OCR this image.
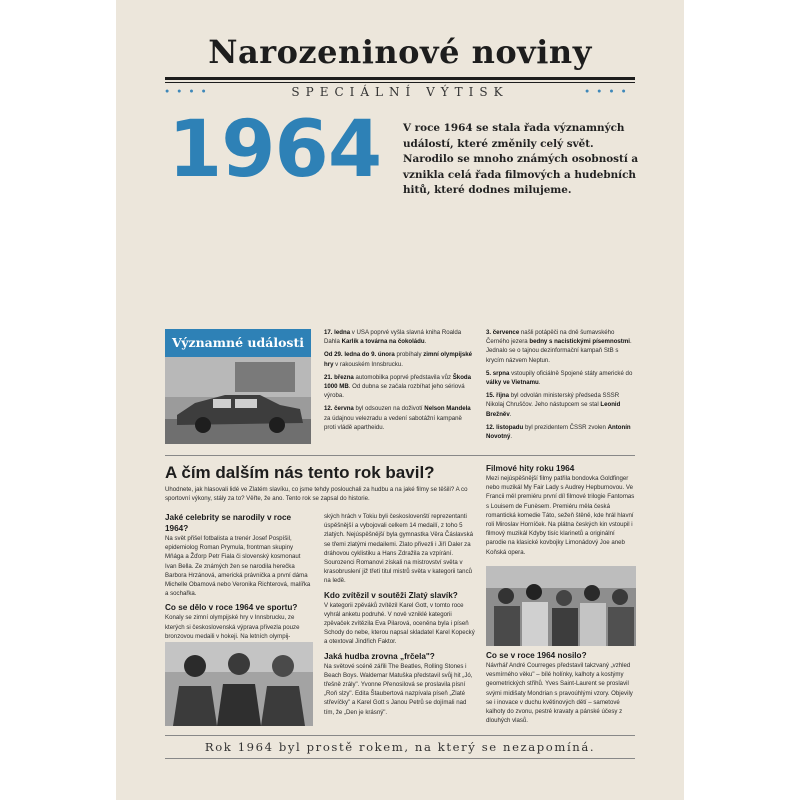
Narozeninové noviny
● ● ● ●	SPECIÁLNÍ VÝTISK	● ● ● ●
1964 V roce 1964 se stala řada významných událostí, které změnily celý svět. Narodilo se mnoho známých osobností a vznikla celá řada filmových a hudebních hitů, které dodnes milujeme.
Významné události

17. ledna v USA poprvé vyšla slavná kniha Roalda Dahla Karlík a továrna na čokoládu.

Od 29. ledna do 9. února probíhaly zimní olympijské hry v rakouském Innsbrucku.

21. března automobilka poprvé představila vůz Škoda 1000 MB. Od dubna se začala rozbíhat jeho sériová výroba.

12. června byl odsouzen na doživotí Nelson Mandela za údajnou velezradu a vedení sabotážní kampaně proti vládě apartheidu.

3. července našli potápěči na dně šumavského Černého jezera bedny s nacistickými písemnostmi. Jednalo se o tajnou dezinformační kampaň StB s krycím názvem Neptun.

5. srpna vstoupily oficiálně Spojené státy americké do války ve Vietnamu.

15. října byl odvolán ministerský předseda SSSR Nikolaj Chruščov. Jeho nástupcem se stal Leonid Brežněv.

12. listopadu byl prezidentem ČSSR zvolen Antonín Novotný.

A čím dalším nás tento rok bavil?

Uhodnete, jak hlasovali lidé ve Zlatém slavíku, co jsme tehdy poslouchali za hudbu a na jaké filmy se těšili? A co sportovní výkony, stály za to? Věřte, že ano. Tento rok se zapsal do historie.

Jaké celebrity se narodily v roce 1964?

Na svět přišel fotbalista a trenér Josef Pospíšil, epidemiolog Roman Prymula, frontman skupiny Mňága a Žďorp Petr Fiala či slovenský kosmonaut Ivan Bella. Ze známých žen se narodila herečka Barbora Hrzánová, americká právnička a první dáma Michelle Obamová nebo Veronika Richterová, malířka a sochařka.

Co se dělo v roce 1964 ve sportu?

Konaly se zimní olympijské hry v Innsbrucku, ze kterých si československá výprava přivezla pouze bronzovou medaili v hokeji. Na letních olympij-

ských hrách v Tokiu byli českoslovenští reprezentanti úspěšnější a vybojovali celkem 14 medailí, z toho 5 zlatých. Nejúspěšnější byla gymnastka Věra Čáslavská se třemi zlatými medailemi. Zlato přivezli i Jiří Daler za dráhovou cyklistiku a Hans Zdražila za vzpírání. Sourozenci Romanovi získali na mistrovství světa v krasobruslení již třetí titul mistrů světa v kategorii tanců na ledě.

Kdo zvítězil v soutěži Zlatý slavík?

V kategorii zpěváků zvítězil Karel Gott, v tomto roce vyhrál anketu podruhé. V nově vzniklé kategorii zpěvaček zvítězila Eva Pilarová, oceněna byla i píseň Schody do nebe, kterou napsal skladatel Karel Kopecký a otextoval Jindřich Faktor.

Jaká hudba zrovna „frčela"?

Na světové scéně zářili The Beatles, Rolling Stones i Beach Boys. Waldemar Matuška představil svůj hit „Jó, třešně zrály". Yvonne Přenosilová se proslavila písní „Roň slzy". Edita Štaubertová nazpívala píseň „Zlaté střevíčky" a Karel Gott s Janou Petrů se dojímali nad tím, že „Den je krásný".

Filmové hity roku 1964

Mezi nejúspěšnější filmy patřila bondovka Goldfinger nebo muzikál My Fair Lady s Audrey Hepburnovou. Ve Francii měl premiéru první díl filmové trilogie Fantomas s Louisem de Funèsem. Premiéru měla česká romantická komedie Táto, sežeň štěně, kde hrál hlavní roli Miroslav Horníček. Na plátna českých kin vstoupil i filmový muzikál Kdyby tisíc klarinetů a originální parodie na klasické kovbojky Limonádový Joe aneb Koňská opera.

Co se v roce 1964 nosilo?

Návrhář André Courreges představil takzvaný „vzhled vesmírného věku" – bílé holínky, kalhoty a kostýmy geometrických střihů. Yves Saint-Laurent se proslavil svými midišaty Mondrian s pravoúhlými vzory. Objevily se i inovace v duchu květinových dětí – sametové kalhoty do zvonu, pestré kravaty a pánské účesy z dlouhých vlasů.

Rok 1964 byl prostě rokem, na který se nezapomíná.
